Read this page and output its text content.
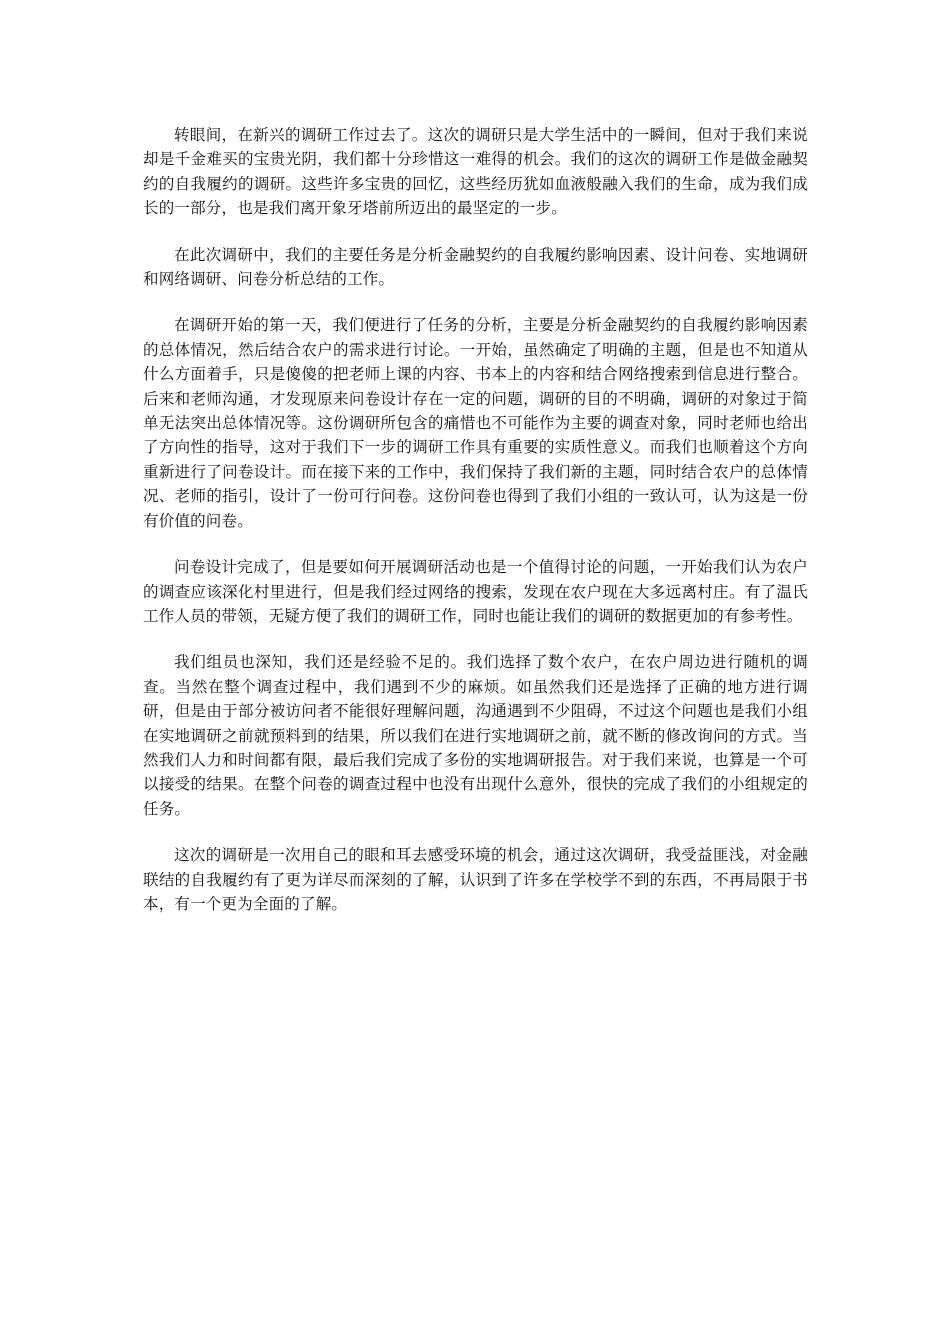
转眼间，在新兴的调研工作过去了。这次的调研只是大学生活中的一瞬间，但对于我们来说却是千金难买的宝贵光阴，我们都十分珍惜这一难得的机会。我们的这次的调研工作是做金融契约的自我履约的调研。这些许多宝贵的回忆，这些经历犹如血液般融入我们的生命，成为我们成长的一部分，也是我们离开象牙塔前所迈出的最坚定的一步。

在此次调研中，我们的主要任务是分析金融契约的自我履约影响因素、设计问卷、实地调研和网络调研、问卷分析总结的工作。

在调研开始的第一天，我们便进行了任务的分析，主要是分析金融契约的自我履约影响因素的总体情况，然后结合农户的需求进行讨论。一开始，虽然确定了明确的主题，但是也不知道从什么方面着手，只是傻傻的把老师上课的内容、书本上的内容和结合网络搜索到信息进行整合。后来和老师沟通，才发现原来问卷设计存在一定的问题，调研的目的不明确，调研的对象过于简单无法突出总体情况等。这份调研所包含的痛惜也不可能作为主要的调查对象，同时老师也给出了方向性的指导，这对于我们下一步的调研工作具有重要的实质性意义。而我们也顺着这个方向重新进行了问卷设计。而在接下来的工作中，我们保持了我们新的主题，同时结合农户的总体情况、老师的指引，设计了一份可行问卷。这份问卷也得到了我们小组的一致认可，认为这是一份有价值的问卷。

问卷设计完成了，但是要如何开展调研活动也是一个值得讨论的问题，一开始我们认为农户的调查应该深化村里进行，但是我们经过网络的搜索，发现在农户现在大多远离村庄。有了温氏工作人员的带领，无疑方便了我们的调研工作，同时也能让我们的调研的数据更加的有参考性。

我们组员也深知，我们还是经验不足的。我们选择了数个农户，在农户周边进行随机的调查。当然在整个调查过程中，我们遇到不少的麻烦。如虽然我们还是选择了正确的地方进行调研，但是由于部分被访问者不能很好理解问题，沟通遇到不少阻碍，不过这个问题也是我们小组在实地调研之前就预料到的结果，所以我们在进行实地调研之前，就不断的修改询问的方式。当然我们人力和时间都有限，最后我们完成了多份的实地调研报告。对于我们来说，也算是一个可以接受的结果。在整个问卷的调查过程中也没有出现什么意外，很快的完成了我们的小组规定的任务。

这次的调研是一次用自己的眼和耳去感受环境的机会，通过这次调研，我受益匪浅，对金融联结的自我履约有了更为详尽而深刻的了解，认识到了许多在学校学不到的东西，不再局限于书本，有一个更为全面的了解。
